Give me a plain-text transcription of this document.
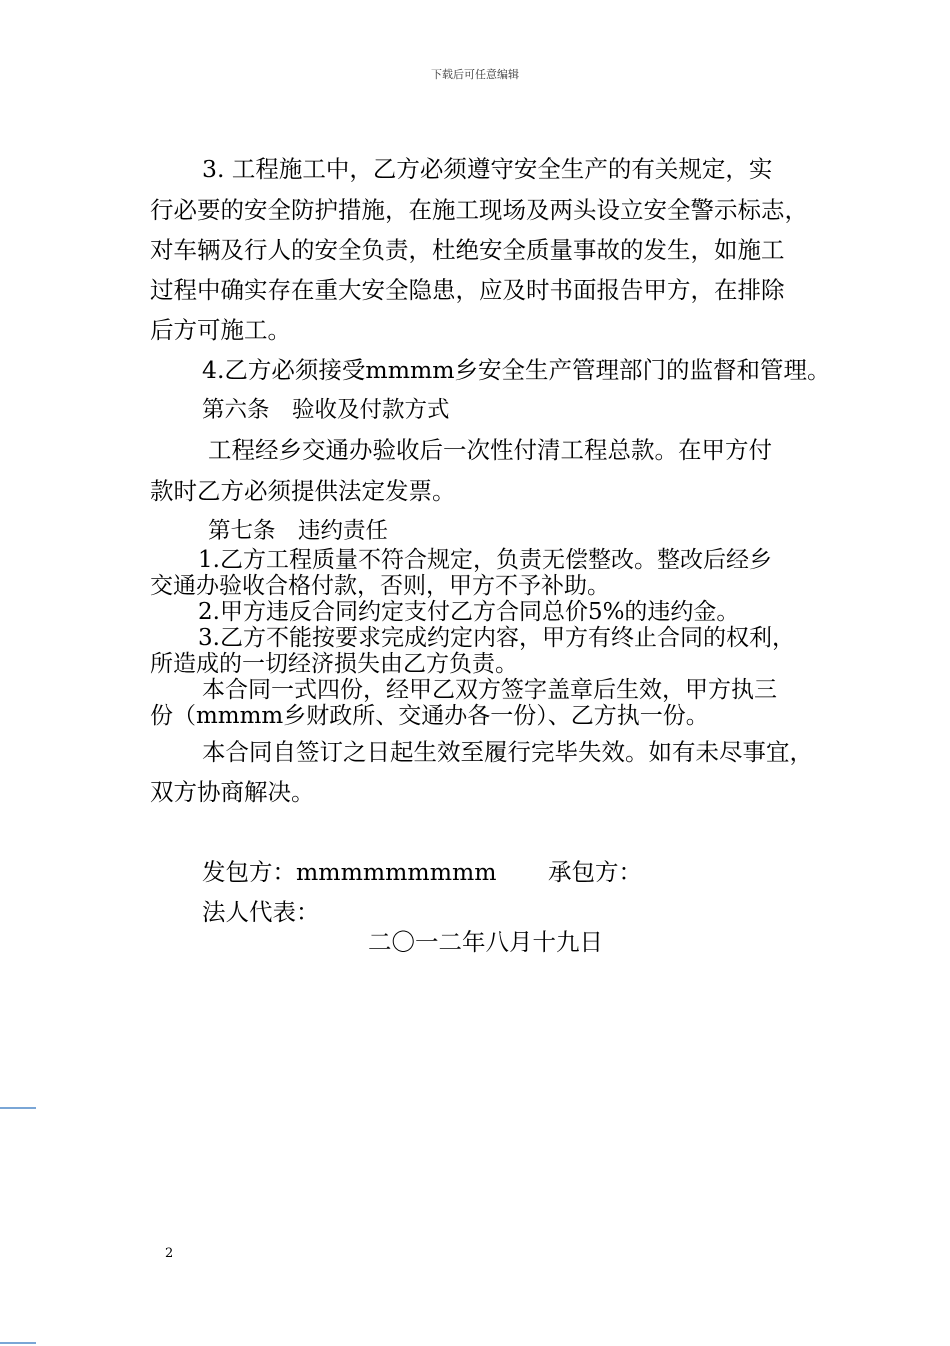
下载后可任意编辑
3. 工程施工中，乙方必须遵守安全生产的有关规定，实
行必要的安全防护措施，在施工现场及两头设立安全警示标志，
对车辆及行人的安全负责，杜绝安全质量事故的发生，如施工
过程中确实存在重大安全隐患，应及时书面报告甲方，在排除
后方可施工。
4.乙方必须接受mmmm乡安全生产管理部门的监督和管理。
第六条　验收及付款方式
工程经乡交通办验收后一次性付清工程总款。在甲方付
款时乙方必须提供法定发票。
第七条　违约责任
1.乙方工程质量不符合规定，负责无偿整改。整改后经乡
交通办验收合格付款，否则，甲方不予补助。
2.甲方违反合同约定支付乙方合同总价5%的违约金。
3.乙方不能按要求完成约定内容，甲方有终止合同的权利，
所造成的一切经济损失由乙方负责。
本合同一式四份，经甲乙双方签字盖章后生效，甲方执三
份（mmmm乡财政所、交通办各一份）、乙方执一份。
本合同自签订之日起生效至履行完毕失效。如有未尽事宜，
双方协商解决。
发包方：mmmmmmmmm 承包方：
法人代表：
二〇一二年八月十九日
2
